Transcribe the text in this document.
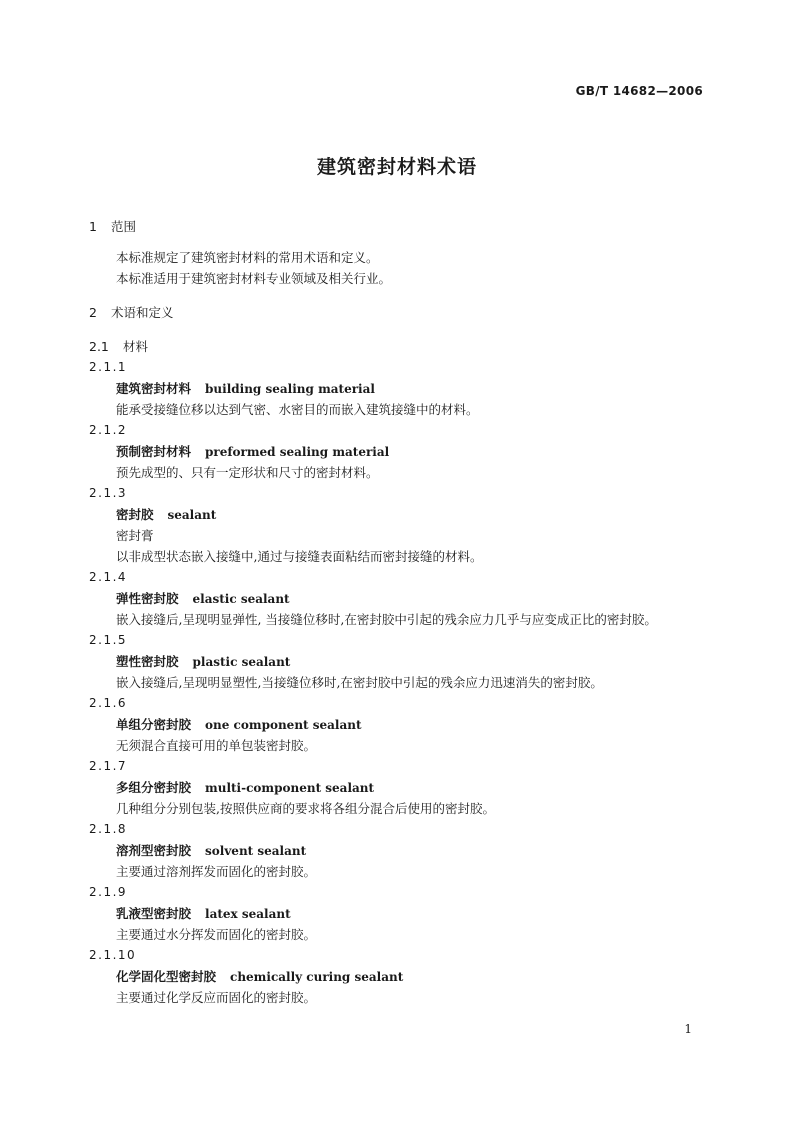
GB/T 14682—2006
建筑密封材料术语
1 范围
本标准规定了建筑密封材料的常用术语和定义。
本标准适用于建筑密封材料专业领域及相关行业。
2 术语和定义
2.1 材料
2.1.1
建筑密封材料 building sealing material
能承受接缝位移以达到气密、水密目的而嵌入建筑接缝中的材料。
2.1.2
预制密封材料 preformed sealing material
预先成型的、只有一定形状和尺寸的密封材料。
2.1.3
密封胶 sealant
密封膏
以非成型状态嵌入接缝中,通过与接缝表面粘结而密封接缝的材料。
2.1.4
弹性密封胶 elastic sealant
嵌入接缝后,呈现明显弹性, 当接缝位移时,在密封胶中引起的残余应力几乎与应变成正比的密封胶。
2.1.5
塑性密封胶 plastic sealant
嵌入接缝后,呈现明显塑性,当接缝位移时,在密封胶中引起的残余应力迅速消失的密封胶。
2.1.6
单组分密封胶 one component sealant
无须混合直接可用的单包装密封胶。
2.1.7
多组分密封胶 multi-component sealant
几种组分分别包装,按照供应商的要求将各组分混合后使用的密封胶。
2.1.8
溶剂型密封胶 solvent sealant
主要通过溶剂挥发而固化的密封胶。
2.1.9
乳液型密封胶 latex sealant
主要通过水分挥发而固化的密封胶。
2.1.10
化学固化型密封胶 chemically curing sealant
主要通过化学反应而固化的密封胶。
1
